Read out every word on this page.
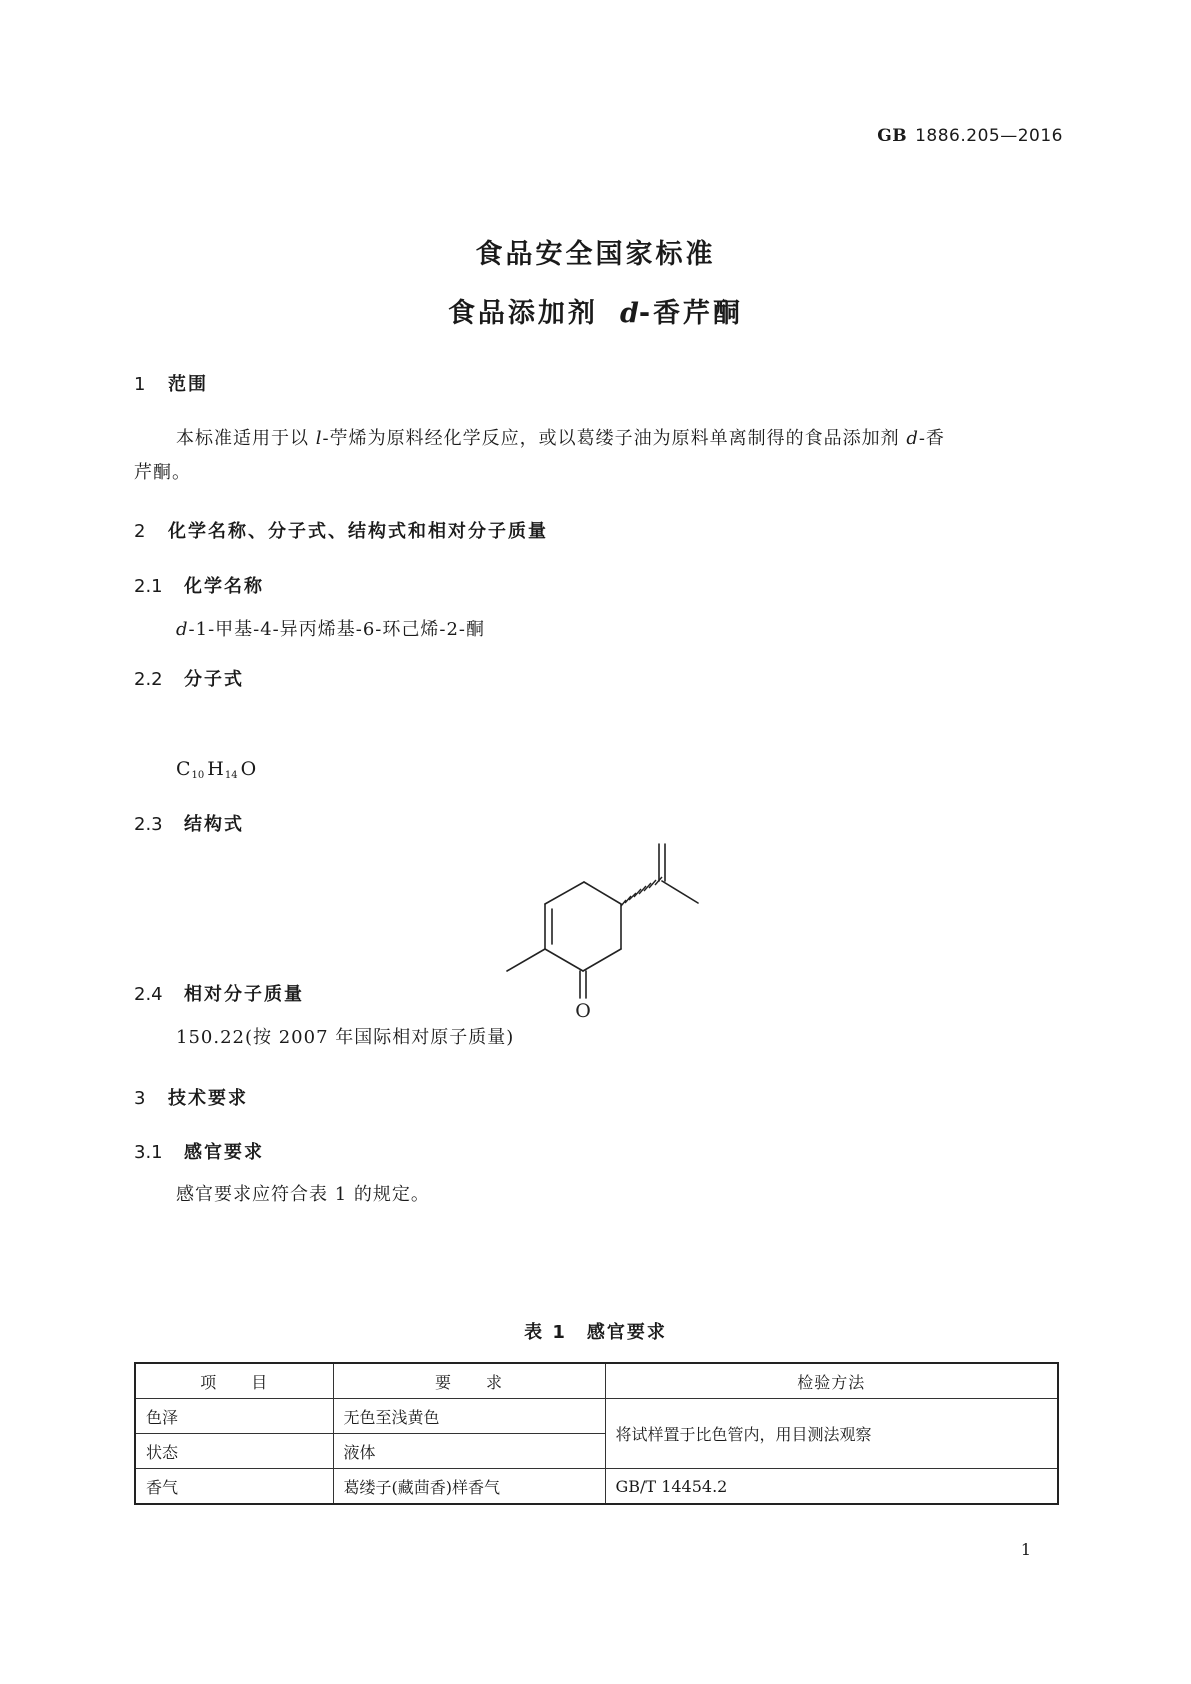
GB 1886.205—2016
食品安全国家标准
食品添加剂 d-香芹酮
1 范围
本标准适用于以 l-苧烯为原料经化学反应，或以葛缕子油为原料单离制得的食品添加剂 d-香
芹酮。
2 化学名称、分子式、结构式和相对分子质量
2.1 化学名称
d-1-甲基-4-异丙烯基-6-环己烯-2-酮
2.2 分子式
$C_{10}$ $H_{14}$ O
2.3 结构式
O
2.4 相对分子质量
150.22(按 2007 年国际相对原子质量)
3 技术要求
3.1 感官要求
感官要求应符合表 1 的规定。
表 1　感官要求
项　　目	要　　求	检验方法
色泽	无色至浅黄色	将试样置于比色管内，用目测法观察
状态	液体	
香气	葛缕子(藏茴香)样香气	GB/T 14454.2
1
